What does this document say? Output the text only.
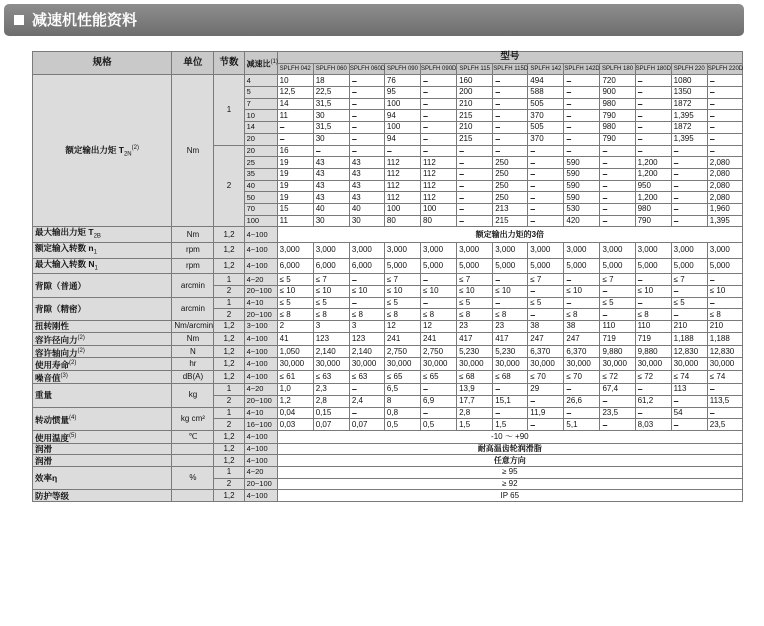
减速机性能资料
规格	单位	节数	减速比$^{(1)}$	型号												
				SPLFH 042	SPLFH 060	SPLFH 060D	SPLFH 090	SPLFH 090D	SPLFH 115	SPLFH 115D	SPLFH 142	SPLFH 142D	SPLFH 180	SPLFH 180D	SPLFH 220	SPLFH 220D
额定输出力矩 $T_{2N}^{(2)}$	Nm	1	4	10	18	–	76	–	160	–	494	–	720	–	1080	–
			5	12,5	22,5	–	95	–	200	–	588	–	900	–	1350	–
			7	14	31,5	–	100	–	210	–	505	–	980	–	1872	–
			10	11	30	–	94	–	215	–	370	–	790	–	1,395	–
			14	–	31,5	–	100	–	210	–	505	–	980	–	1872	–
			20	–	30	–	94	–	215	–	370	–	790	–	1,395	–
		2	20	16	–	–	–	–	–	–	–	–	–	–	–	–
			25	19	43	43	112	112	–	250	–	590	–	1,200	–	2,080
			35	19	43	43	112	112	–	250	–	590	–	1,200	–	2,080
			40	19	43	43	112	112	–	250	–	590	–	950	–	2,080
			50	19	43	43	112	112	–	250	–	590	–	1,200	–	2,080
			70	15	40	40	100	100	–	213	–	530	–	980	–	1,960
			100	11	30	30	80	80	–	215	–	420	–	790	–	1,395
最大输出力矩 $T_{2B}$	Nm	1,2	4~100	额定输出力矩的3倍												
额定输入转数 $n_1$	rpm	1,2	4~100	3,000	3,000	3,000	3,000	3,000	3,000	3,000	3,000	3,000	3,000	3,000	3,000	3,000
最大输入转数 $N_1$	rpm	1,2	4~100	6,000	6,000	6,000	5,000	5,000	5,000	5,000	5,000	5,000	5,000	5,000	5,000	5,000
背隙（普通）	arcmin	1	4~20	≤ 5	≤ 7	–	≤ 7	–	≤ 7	–	≤ 7	–	≤ 7	–	≤ 7	–
		2	20~100	≤ 10	≤ 10	≤ 10	≤ 10	≤ 10	≤ 10	≤ 10	–	≤ 10	–	≤ 10	–	≤ 10
背隙（精密）	arcmin	1	4~10	≤ 5	≤ 5	–	≤ 5	–	≤ 5	–	≤ 5	–	≤ 5	–	≤ 5	–
		2	20~100	≤ 8	≤ 8	≤ 8	≤ 8	≤ 8	≤ 8	≤ 8	–	≤ 8	–	≤ 8	–	≤ 8
扭转刚性	Nm/arcmin	1,2	3~100	2	3	3	12	12	23	23	38	38	110	110	210	210
容许径向力$^{(2)}$	Nm	1,2	4~100	41	123	123	241	241	417	417	247	247	719	719	1,188	1,188
容许轴向力$^{(2)}$	N	1,2	4~100	1,050	2,140	2,140	2,750	2,750	5,230	5,230	6,370	6,370	9,880	9,880	12,830	12,830
使用寿命$^{(2)}$	hr	1,2	4~100	30,000	30,000	30,000	30,000	30,000	30,000	30,000	30,000	30,000	30,000	30,000	30,000	30,000
噪音值$^{(3)}$	dB(A)	1,2	4~100	≤ 61	≤ 63	≤ 63	≤ 65	≤ 65	≤ 68	≤ 68	≤ 70	≤ 70	≤ 72	≤ 72	≤ 74	≤ 74
重量	kg	1	4~20	1,0	2,3	–	6,5	–	13,9	–	29	–	67,4	–	113	–
		2	20~100	1,2	2,8	2,4	8	6,9	17,7	15,1	–	26,6	–	61,2	–	113,5
转动惯量$^{(4)}$	kg cm²	1	4~10	0,04	0,15	–	0,8	–	2,8	–	11,9	–	23,5	–	54	–
		2	16~100	0,03	0,07	0,07	0,5	0,5	1,5	1,5	–	5,1	–	8,03	–	23,5
使用温度$^{(5)}$	℃	1,2	4~100	-10 ～ +90												
润滑		1,2	4~100	耐高温齿轮润滑脂												
润滑		1,2	4~100	任意方向												
效率η	%	1	4~20	≥ 95												
		2	20~100	≥ 92												
防护等级		1,2	4~100	IP 65												
